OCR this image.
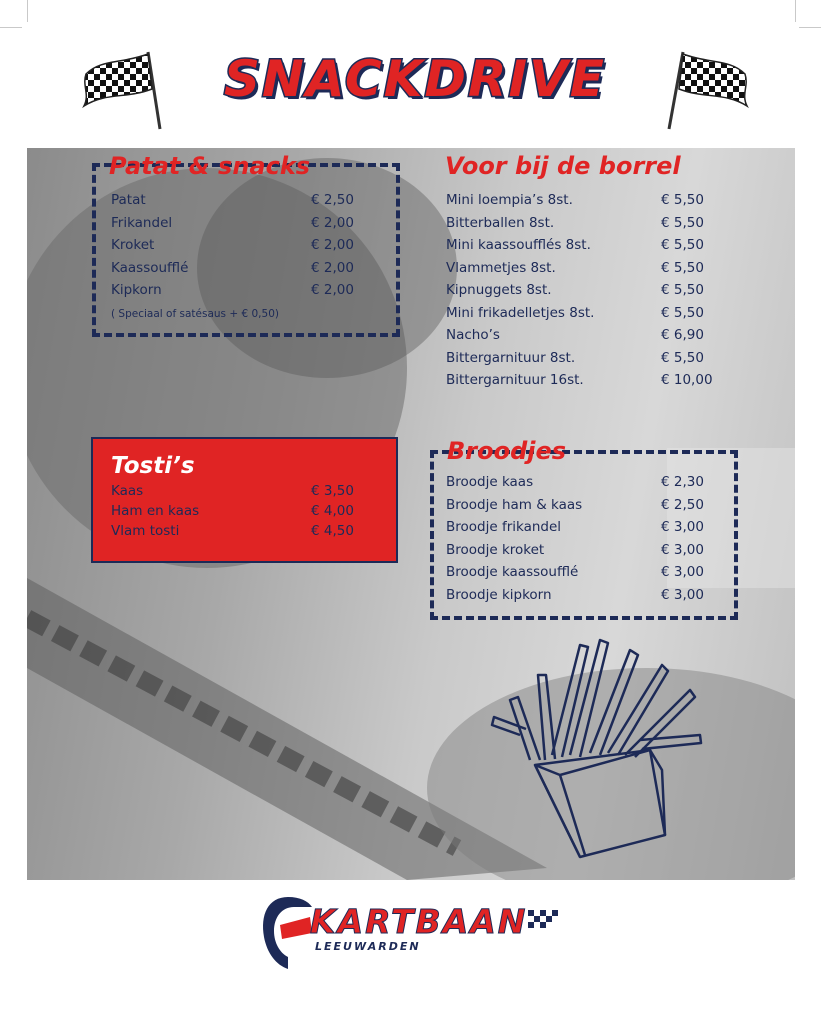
SNACKDRIVE
Patat & snacks
Patat	€ 2,50
Frikandel	€ 2,00
Kroket	€ 2,00
Kaassoufflé	€ 2,00
Kipkorn	€ 2,00
( Speciaal of satésaus + € 0,50)
Voor bij de borrel
Mini loempia’s 8st.	€ 5,50
Bitterballen 8st.	€ 5,50
Mini kaassoufflés 8st.	€ 5,50
Vlammetjes 8st.	€ 5,50
Kipnuggets 8st.	€ 5,50
Mini frikadelletjes 8st.	€ 5,50
Nacho’s	€ 6,90
Bittergarnituur 8st.	€ 5,50
Bittergarnituur 16st.	€ 10,00
Tosti’s
Kaas	€ 3,50
Ham en kaas	€ 4,00
Vlam tosti	€ 4,50
Broodjes
Broodje kaas	€ 2,30
Broodje ham & kaas	€ 2,50
Broodje frikandel	€ 3,00
Broodje kroket	€ 3,00
Broodje kaassoufflé	€ 3,00
Broodje kipkorn	€ 3,00
KARTBAAN
LEEUWARDEN
